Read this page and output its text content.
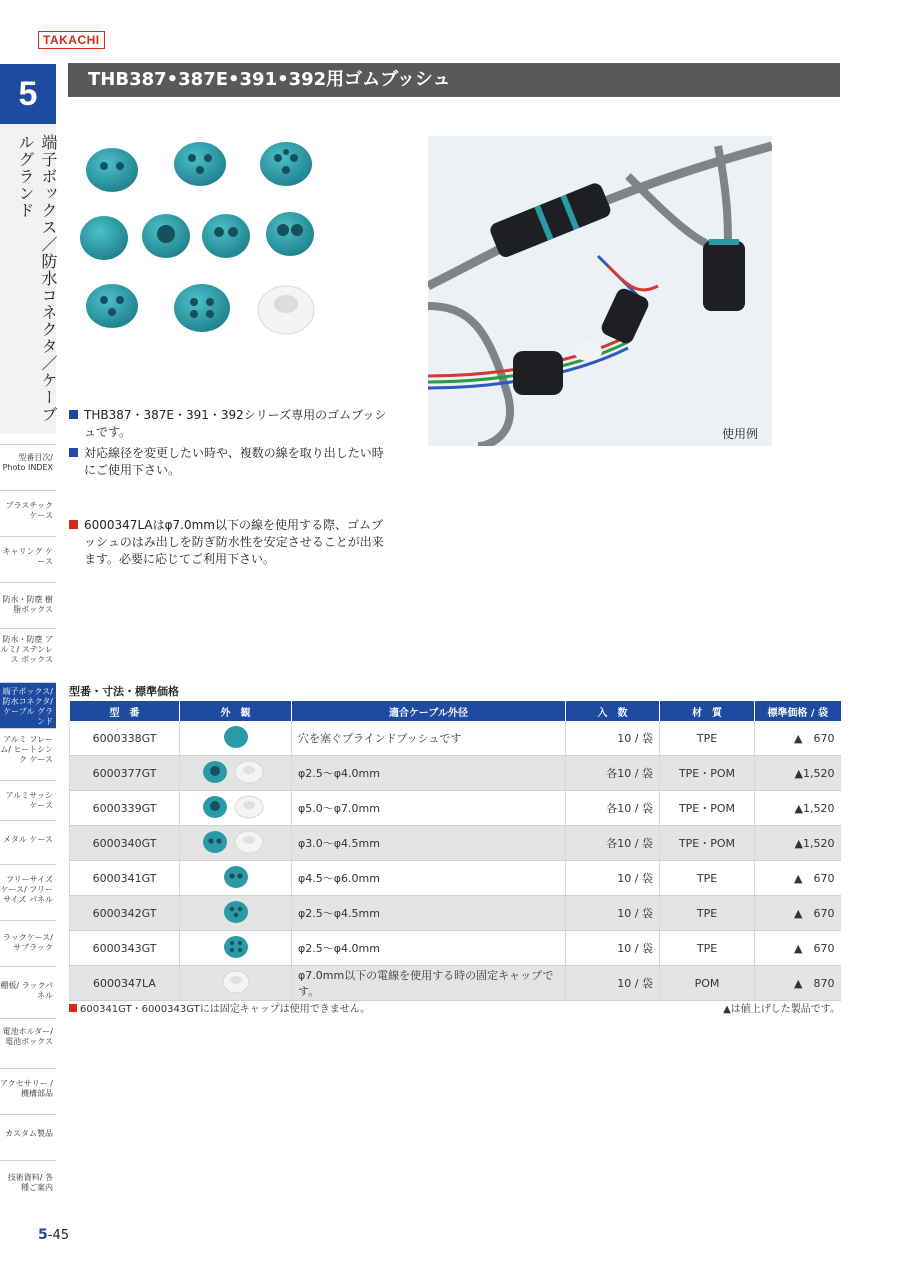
TAKACHI
5
端子ボックス／防水コネクタ／ケーブルグランド
型番目次/ Photo INDEX
プラスチック ケース
キャリング ケース
防水・防塵 樹脂ボックス
防水・防塵 アルミ/ ステンレス ボックス
端子ボックス/ 防水コネクタ/ ケーブル グランド
アルミ フレーム/ ヒートシンク ケース
アルミサッシ ケース
メタル ケース
フリーサイズ ケース/ フリーサイズ パネル
ラックケース/ サブラック
棚板/ ラックパネル
電池ホルダー/ 電池ボックス
アクセサリー /機構部品
カスタム製品
技術資料/ 各種ご案内
THB387•387E•391•392用ゴムブッシュ
使用例
THB387・387E・391・392シリーズ専用のゴムブッシュです。
対応線径を変更したい時や、複数の線を取り出したい時にご使用下さい。
6000347LAはφ7.0mm以下の線を使用する際、ゴムブッシュのはみ出しを防ぎ防水性を安定させることが出来ます。必要に応じてご利用下さい。
型番・寸法・標準価格
型　番	外　観	適合ケーブル外径	入　数	材　質	標準価格 / 袋
6000338GT		穴を塞ぐブラインドブッシュです	10 / 袋	TPE	▲　670
6000377GT		φ2.5〜φ4.0mm	各10 / 袋	TPE・POM	▲1,520
6000339GT		φ5.0〜φ7.0mm	各10 / 袋	TPE・POM	▲1,520
6000340GT		φ3.0〜φ4.5mm	各10 / 袋	TPE・POM	▲1,520
6000341GT		φ4.5〜φ6.0mm	10 / 袋	TPE	▲　670
6000342GT		φ2.5〜φ4.5mm	10 / 袋	TPE	▲　670
6000343GT		φ2.5〜φ4.0mm	10 / 袋	TPE	▲　670
6000347LA		φ7.0mm以下の電線を使用する時の固定キャップです。	10 / 袋	POM	▲　870
600341GT・6000343GTには固定キャップは使用できません。	▲は値上げした製品です。
5-45
